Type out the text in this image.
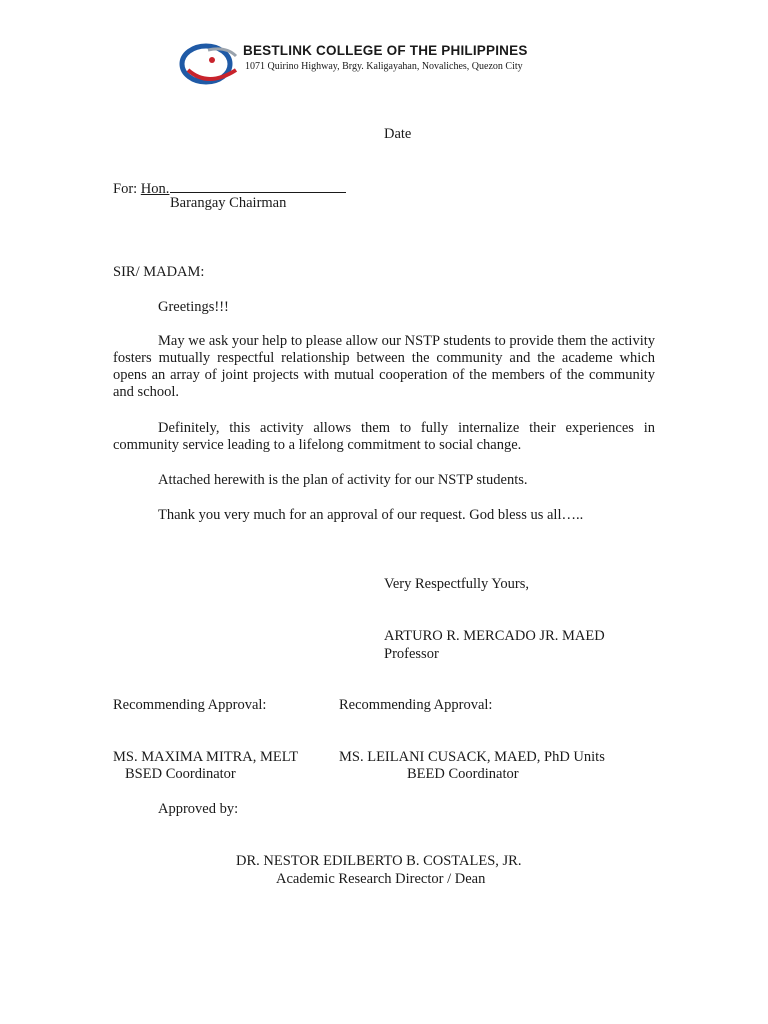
BESTLINK COLLEGE OF THE PHILIPPINES
1071 Quirino Highway, Brgy. Kaligayahan, Novaliches, Quezon City
Date
For: Hon.
Barangay Chairman
SIR/ MADAM:
Greetings!!!
May we ask your help to please allow our NSTP students to provide them the activity fosters mutually respectful relationship between the community and the academe which opens an array of joint projects with mutual cooperation of the members of the community and school.
Definitely, this activity allows them to fully internalize their experiences in community service leading to a lifelong commitment to social change.
Attached herewith is the plan of activity for our NSTP students.
Thank you very much for an approval of our request. God bless us all…..
Very Respectfully Yours,
ARTURO R. MERCADO JR. MAED
Professor
Recommending Approval:	Recommending Approval:
MS. MAXIMA MITRA, MELT
BSED Coordinator
MS. LEILANI CUSACK, MAED, PhD Units
BEED Coordinator
Approved by:
DR. NESTOR EDILBERTO B. COSTALES, JR.
Academic Research Director / Dean
